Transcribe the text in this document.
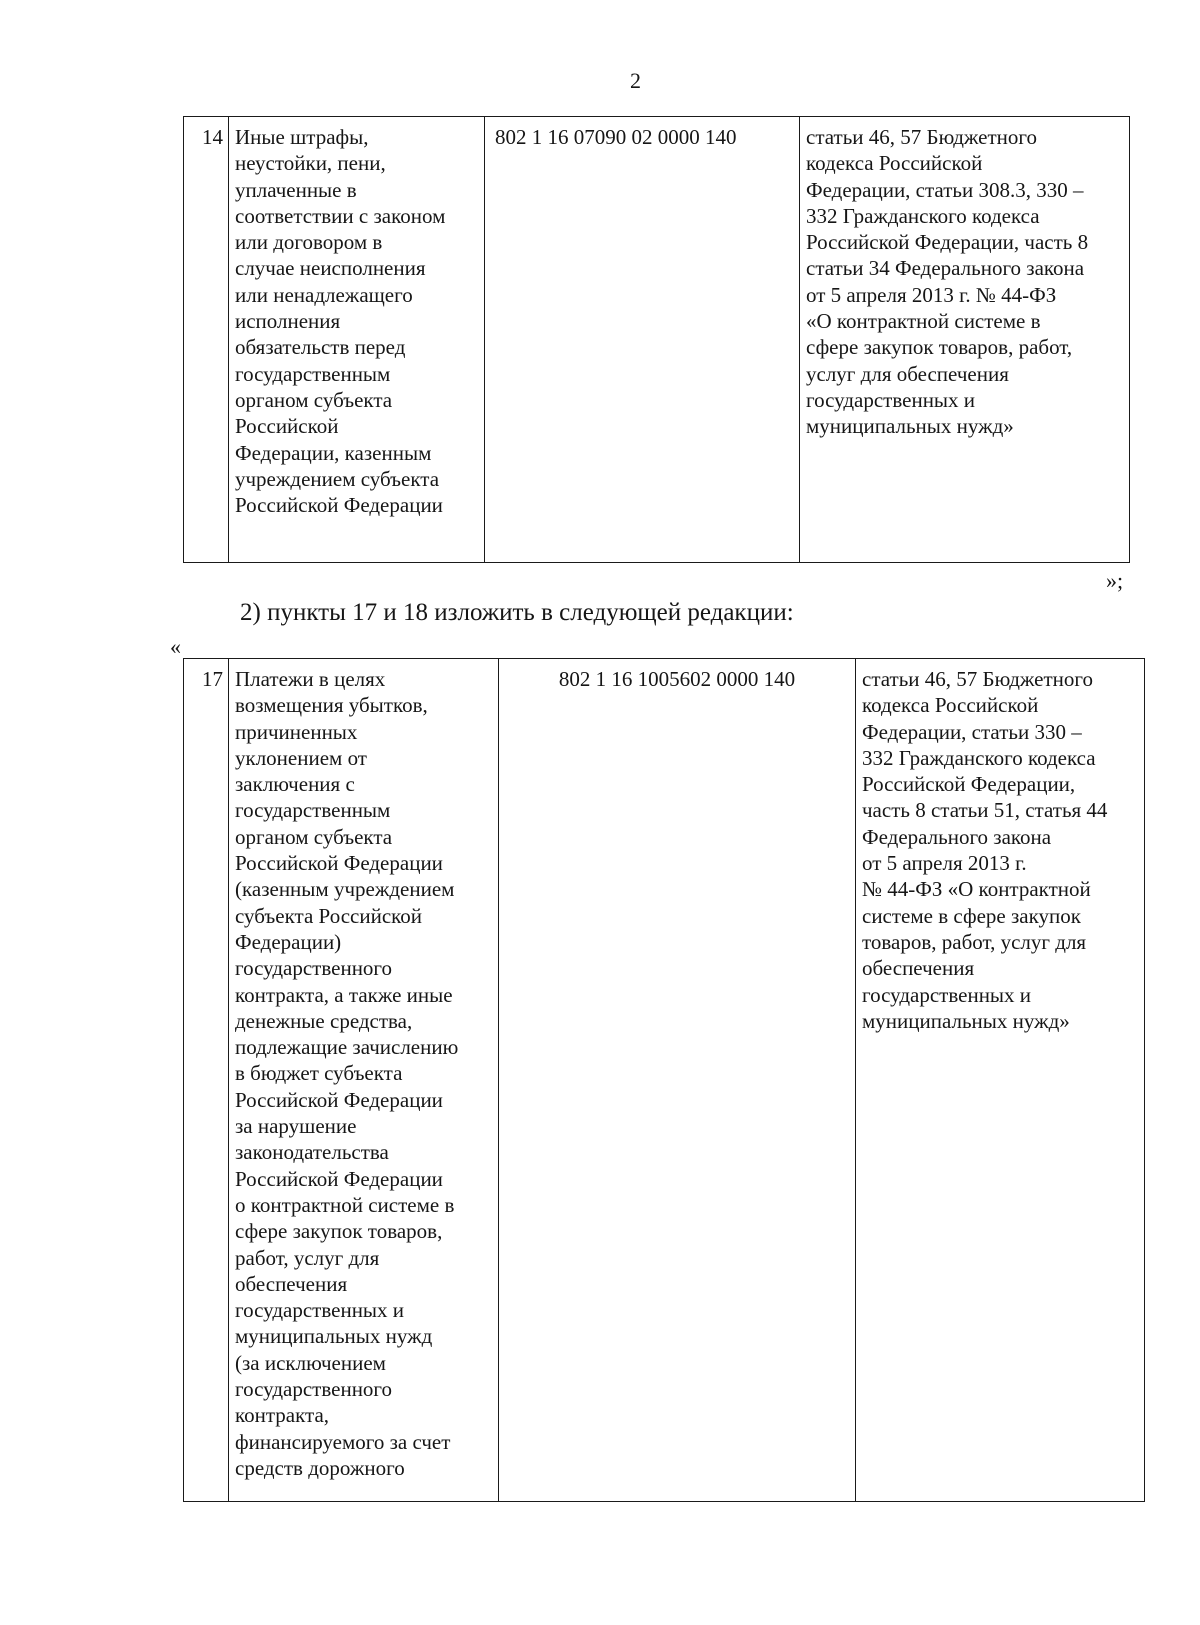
2
14	Иные штрафы,
неустойки, пени,
уплаченные в
соответствии с законом
или договором в
случае неисполнения
или ненадлежащего
исполнения
обязательств перед
государственным
органом субъекта
Российской
Федерации, казенным
учреждением субъекта
Российской Федерации
	802 1 16 07090 02 0000 140	статьи 46, 57 Бюджетного
кодекса Российской
Федерации, статьи 308.3, 330 –
332 Гражданского кодекса
Российской Федерации, часть 8
статьи 34 Федерального закона
от 5 апреля 2013 г. № 44-ФЗ
«О контрактной системе в
сфере закупок товаров, работ,
услуг для обеспечения
государственных и
муниципальных нужд»
»;
2) пункты 17 и 18 изложить в следующей редакции:
«
17	Платежи в целях
возмещения убытков,
причиненных
уклонением от
заключения с
государственным
органом субъекта
Российской Федерации
(казенным учреждением
субъекта Российской
Федерации)
государственного
контракта, а также иные
денежные средства,
подлежащие зачислению
в бюджет субъекта
Российской Федерации
за нарушение
законодательства
Российской Федерации
о контрактной системе в
сфере закупок товаров,
работ, услуг для
обеспечения
государственных и
муниципальных нужд
(за исключением
государственного
контракта,
финансируемого за счет
средств дорожного
	802 1 16 1005602 0000 140	статьи 46, 57 Бюджетного
кодекса Российской
Федерации, статьи 330 –
332 Гражданского кодекса
Российской Федерации,
часть 8 статьи 51, статья 44
Федерального закона
от 5 апреля 2013 г.
№ 44-ФЗ «О контрактной
системе в сфере закупок
товаров, работ, услуг для
обеспечения
государственных и
муниципальных нужд»
